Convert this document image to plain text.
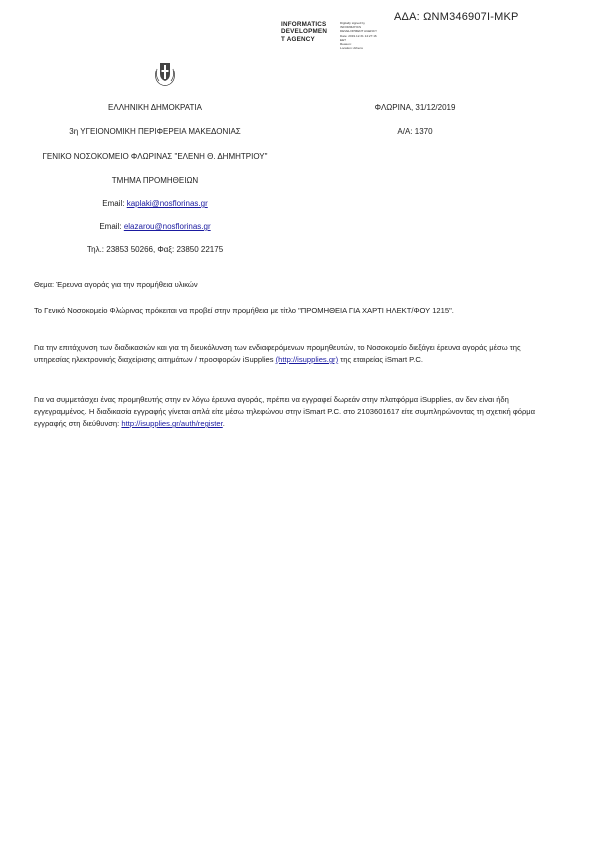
ΑΔΑ: ΩΝΜ346907Ι-ΜΚΡ
INFORMATICS
DEVELOPMEN
T AGENCY
Digitally signed by
INFORMATICS
DEVELOPMENT AGENCY
Date: 2019.12.31 14:27:16
EET
Reason:
Location: Athens
ΕΛΛΗΝΙΚΗ ΔΗΜΟΚΡΑΤΙΑ
3η ΥΓΕΙΟΝΟΜΙΚΗ ΠΕΡΙΦΕΡΕΙΑ ΜΑΚΕΔΟΝΙΑΣ
ΓΕΝΙΚΟ ΝΟΣΟΚΟΜΕΙΟ ΦΛΩΡΙΝΑΣ "ΕΛΕΝΗ Θ. ΔΗΜΗΤΡΙΟΥ"
ΤΜΗΜΑ ΠΡΟΜΗΘΕΙΩΝ
Email: kaplaki@nosflorinas.gr
Email: elazarou@nosflorinas.gr
Τηλ.: 23853 50266, Φαξ: 23850 22175
ΦΛΩΡΙΝΑ, 31/12/2019
Α/Α: 1370
Θεμα: Έρευνα αγοράς για την προμήθεια υλικών

Το Γενικό Νοσοκομείο Φλώρινας πρόκειται να προβεί στην προμήθεια με τίτλο "ΠΡΟΜΗΘΕΙΑ ΓΙΑ ΧΑΡΤΙ ΗΛΕΚΤ/ΦΟΥ 1215".

Για την επιτάχυνση των διαδικασιών και για τη διευκόλυνση των ενδιαφερόμενων προμηθευτών, το Νοσοκομείο διεξάγει έρευνα αγοράς μέσω της υπηρεσίας ηλεκτρονικής διαχείρισης αιτημάτων / προσφορών iSupplies (http://isupplies.gr) της εταιρείας iSmart P.C.

Για να συμμετάσχει ένας προμηθευτής στην εν λόγω έρευνα αγοράς, πρέπει να εγγραφεί δωρεάν στην πλατφόρμα iSupplies, αν δεν είναι ήδη εγγεγραμμένος. Η διαδικασία εγγραφής γίνεται απλά είτε μέσω τηλεφώνου στην iSmart P.C. στο 2103601617 είτε συμπληρώνοντας τη σχετική φόρμα εγγραφής στη διεύθυνση: http://isupplies.gr/auth/register.
